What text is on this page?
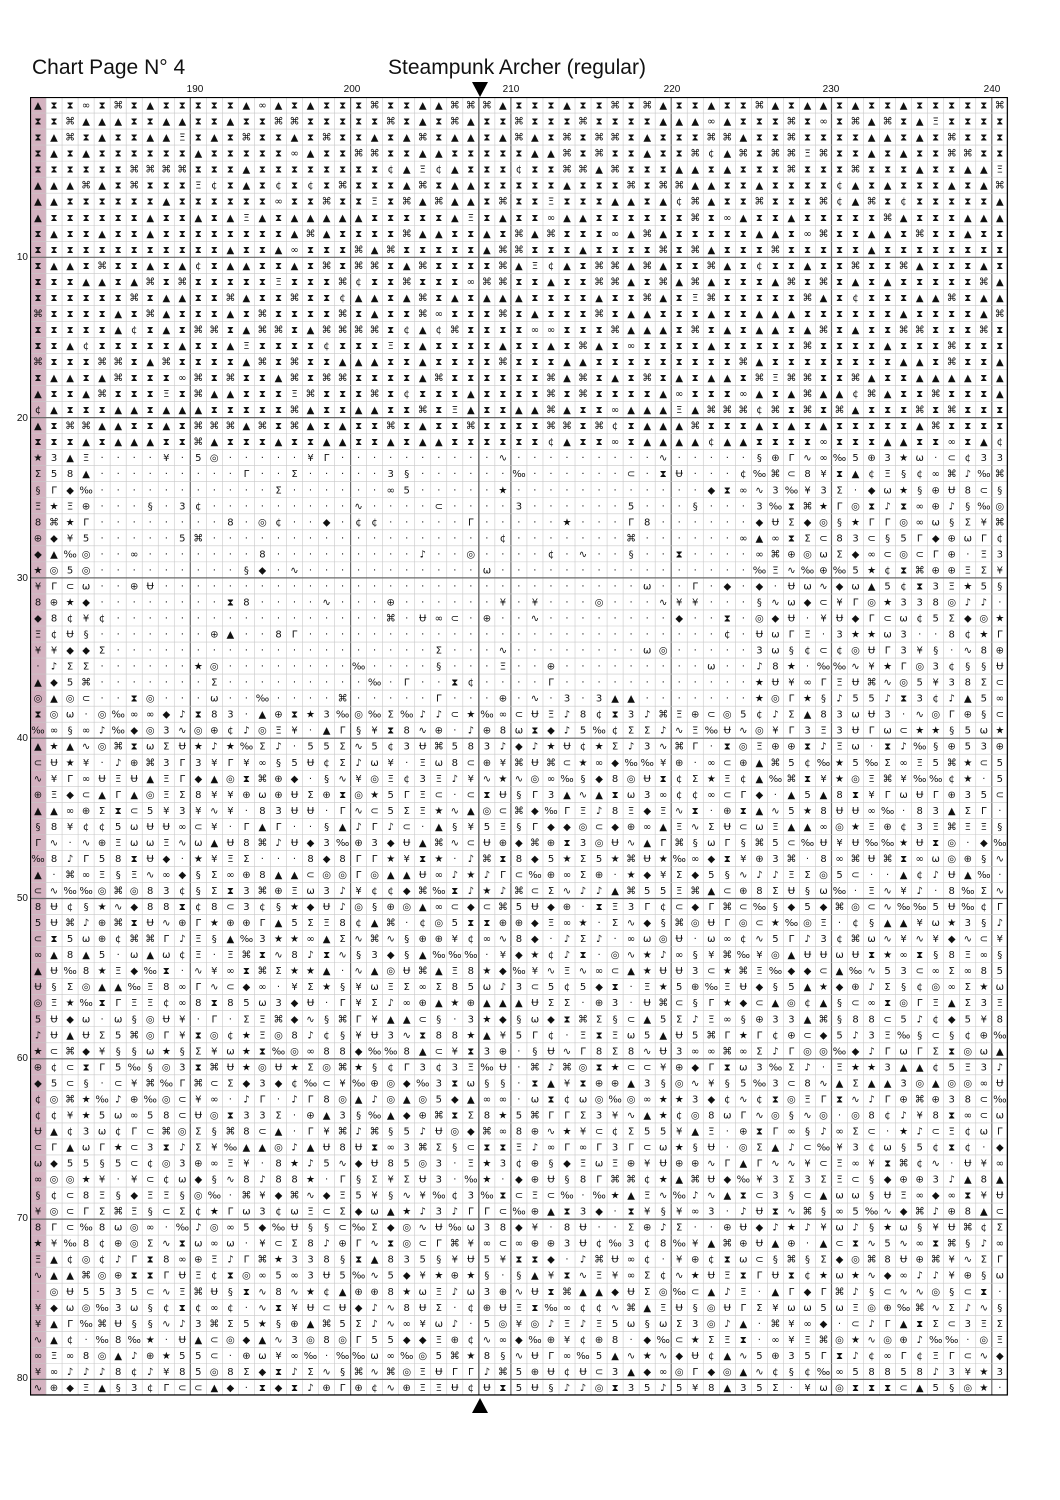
Chart Page N° 4	Steampunk Archer (regular)
190	200	210	220	230	240
10
20
30
40
50
60
70
80
▲ ⧗ ⧗ ∞ ⧗ ⌘ ⧗ ▲ ⧗ ⧗ ⧗ ⧗ ⧗ ▲ ∞ ▲ ⧗ ▲ ⧗ ⧗ ⧗ ⌘ ⧗ ⧗ ▲ ▲ ⌘ ⌘ ⌘ ▲ ⧗ ⧗ ⧗ ▲ ⧗ ⧗ ⌘ ⧗ ⌘ ▲ ⧗ ⧗ ▲ ⧗ ⧗ ⌘ ▲ ⧗ ▲ ▲ ⧗ ▲ ⧗ ⧗ ▲ ⧗ ⧗ ⧗ ⧗ ⧗ ⌘
⧗ ⧗ ⌘ ▲ ▲ ▲ ⧗ ⧗ ▲ ▲ ⧗ ⧗ ▲ ⧗ ⧗ ⌘ ⌘ ⧗ ⧗ ⧗ ⧗ ⧗ ⌘ ⧗ ▲ ⧗ ⌘ ▲ ⧗ ⧗ ⌘ ⧗ ⧗ ⧗ ⌘ ⧗ ⧗ ⧗ ⧗ ▲ ▲ ▲ ∞ ▲ ⧗ ⧗ ⧗ ⌘ ⧗ ∞ ⧗ ⌘ ▲ ⌘ ⧗ ▲ Ξ ⧗ ⧗ ⧗ ⧗
⧗ ▲ ⌘ ⧗ ▲ ⧗ ⧗ ▲ ▲ Ξ ⧗ ▲ ⧗ ⌘ ⧗ ⧗ ▲ ⧗ ⌘ ⧗ ⧗ ▲ ⧗ ▲ ⌘ ⧗ ▲ ▲ ⧗ ▲ ⌘ ▲ ⧗ ⌘ ⧗ ⌘ ⌘ ⧗ ▲ ⧗ ⧗ ⧗ ⌘ ⌘ ▲ ⧗ ⧗ ⌘ ⧗ ⧗ ⧗ ⧗ ▲ ▲ ⧗ ▲ ⧗ ⌘ ⧗ ⧗ ⧗
⧗ ▲ ⧗ ▲ ⧗ ⧗ ⧗ ⧗ ⧗ ⧗ ▲ ⧗ ⧗ ⧗ ⧗ ⧗ ∞ ▲ ⧗ ⧗ ⌘ ⌘ ⧗ ⧗ ▲ ▲ ⧗ ⧗ ⧗ ⧗ ⧗ ▲ ▲ ⌘ ⧗ ⌘ ⧗ ⧗ ▲ ⧗ ⧗ ⌘ ¢ ▲ ⌘ ⧗ ⌘ ⌘ Ξ ⌘ ⧗ ⧗ ▲ ⧗ ▲ ⧗ ⧗ ⌘ ⌘ ⧗ ⧗
⧗ ⧗ ⧗ ⧗ ⧗ ⧗ ⌘ ⌘ ⌘ ⌘ ⧗ ⧗ ⧗ ▲ ⧗ ⧗ ⧗ ⧗ ⧗ ⧗ ⧗ ⧗ ¢ ▲ Ξ ¢ ▲ ⧗ ⧗ ⧗ ¢ ⧗ ⧗ ⌘ ⌘ ▲ ⌘ ⧗ ⧗ ⧗ ▲ ▲ ⧗ ▲ ⧗ ⧗ ⧗ ⌘ ⧗ ⧗ ⧗ ⌘ ⧗ ⧗ ⧗ ▲ ⧗ ⧗ ▲ ▲ Ξ
▲ ▲ ▲ ⌘ ▲ ⧗ ⌘ ⧗ ⧗ ⧗ Ξ ¢ ⧗ ▲ ⧗ ¢ ⧗ ¢ ⧗ ⌘ ⧗ ⧗ ⧗ ▲ ⌘ ⧗ ▲ ▲ ⧗ ⧗ ⧗ ⧗ ⧗ ▲ ⧗ ⧗ ⧗ ⌘ ⧗ ⌘ ⌘ ▲ ▲ ⧗ ⧗ ▲ ⧗ ⧗ ⧗ ⧗ ¢ ▲ ⧗ ▲ ⧗ ⧗ ⧗ ▲ ⧗ ▲ ⌘
▲ ▲ ⧗ ⧗ ⧗ ⧗ ⧗ ⧗ ▲ ⧗ ⧗ ⧗ ⧗ ⧗ ⧗ ∞ ⧗ ⧗ ⌘ ⧗ ⧗ Ξ ⧗ ⌘ ▲ ⌘ ▲ ▲ ⧗ ⌘ ⧗ ⧗ Ξ ⧗ ⧗ ⧗ ▲ ▲ ⧗ ▲ ¢ ⌘ ▲ ⧗ ⧗ ⌘ ⧗ ⧗ ⧗ ⌘ ¢ ▲ ⌘ ⧗ ¢ ⧗ ⧗ ⧗ ⧗ ⧗ ▲
▲ ⧗ ⧗ ⧗ ⧗ ⧗ ⧗ ▲ ⧗ ⧗ ▲ ⧗ ▲ Ξ ▲ ⧗ ▲ ▲ ▲ ▲ ▲ ⧗ ⧗ ⧗ ⧗ ⧗ ▲ Ξ ⧗ ▲ ⧗ ⧗ ∞ ▲ ▲ ⧗ ⧗ ⧗ ⧗ ⧗ ⧗ ⌘ ⧗ ∞ ▲ ⧗ ⧗ ▲ ⧗ ⧗ ⧗ ⧗ ⧗ ⌘ ▲ ⧗ ⧗ ⧗ ▲ ▲ ▲
⧗ ▲ ⧗ ⧗ ▲ ⧗ ⧗ ▲ ⧗ ⧗ ⧗ ⧗ ⧗ ⧗ ⧗ ⧗ ▲ ⌘ ▲ ⧗ ⧗ ⧗ ⧗ ⌘ ▲ ▲ ⧗ ⧗ ▲ ⧗ ⌘ ▲ ⌘ ⧗ ⧗ ⧗ ∞ ▲ ⌘ ▲ ⧗ ⧗ ⧗ ⧗ ⧗ ▲ ▲ ⧗ ∞ ⌘ ⧗ ⧗ ▲ ▲ ⧗ ⌘ ⧗ ⧗ ▲ ⧗ ⧗
⧗ ⧗ ⧗ ⧗ ⧗ ⧗ ⧗ ⧗ ⧗ ⧗ ⧗ ⧗ ▲ ⧗ ⧗ ▲ ∞ ⧗ ⧗ ⧗ ⌘ ▲ ⌘ ⧗ ⧗ ⧗ ⧗ ⧗ ▲ ⌘ ⌘ ⧗ ⧗ ⧗ ▲ ⧗ ⧗ ⧗ ⧗ ⌘ ⧗ ⌘ ▲ ⧗ ⧗ ⧗ ⌘ ⧗ ⧗ ⧗ ⧗ ⧗ ▲ ⧗ ⧗ ⧗ ⧗ ⧗ ⧗ ⧗ ⧗
⧗ ▲ ▲ ⧗ ⌘ ⧗ ⧗ ▲ ⧗ ▲ ¢ ⧗ ▲ ▲ ⧗ ⧗ ▲ ⧗ ⌘ ⧗ ⌘ ⌘ ⧗ ▲ ⌘ ⧗ ⧗ ⧗ ⧗ ⌘ ▲ Ξ ¢ ▲ ⧗ ⌘ ⌘ ▲ ⌘ ▲ ⧗ ⧗ ⌘ ▲ ⧗ ¢ ⧗ ⧗ ▲ ⧗ ⧗ ⌘ ⧗ ⧗ ⌘ ▲ ⧗ ⧗ ⧗ ▲ ⧗
⧗ ⧗ ⧗ ▲ ▲ ⧗ ▲ ⌘ ⧗ ⌘ ⧗ ⧗ ⧗ ⧗ ⧗ Ξ ⧗ ⧗ ⧗ ⌘ ¢ ⧗ ⧗ ⌘ ⧗ ⧗ ⧗ ∞ ⌘ ⌘ ⧗ ⧗ ▲ ⧗ ⧗ ⌘ ⌘ ▲ ⧗ ⌘ ▲ ⌘ ▲ ⧗ ⧗ ⧗ ▲ ⌘ ⧗ ⌘ ⧗ ▲ ⧗ ▲ ⧗ ⧗ ⧗ ⧗ ⧗ ⌘ ▲
⧗ ⧗ ⧗ ⧗ ⧗ ⧗ ⌘ ⧗ ▲ ▲ ⧗ ⧗ ⌘ ▲ ⧗ ⧗ ⌘ ⧗ ⧗ ¢ ▲ ▲ ⧗ ▲ ⌘ ⧗ ▲ ⧗ ▲ ▲ ▲ ⧗ ⧗ ⧗ ⧗ ▲ ⧗ ⧗ ⌘ ▲ ⧗ Ξ ⌘ ⧗ ⧗ ⧗ ⧗ ⧗ ⌘ ▲ ⧗ ¢ ⧗ ⧗ ⧗ ▲ ▲ ⌘ ⧗ ▲ ▲
⌘ ⧗ ⧗ ⧗ ⧗ ▲ ⧗ ⌘ ▲ ⧗ ⧗ ⧗ ▲ ⧗ ⌘ ⧗ ⧗ ⧗ ⧗ ⌘ ⧗ ▲ ⧗ ⧗ ⌘ ∞ ⧗ ⧗ ⧗ ⌘ ⧗ ▲ ⧗ ⧗ ⧗ ⌘ ⧗ ▲ ▲ ⧗ ⧗ ⧗ ▲ ⧗ ⧗ ▲ ▲ ▲ ⧗ ⧗ ⧗ ⧗ ⧗ ⧗ ▲ ⧗ ⧗ ⧗ ⧗ ▲ ⌘
⧗ ⧗ ⧗ ⧗ ⧗ ▲ ¢ ⧗ ▲ ⧗ ⌘ ⌘ ⧗ ▲ ⌘ ⌘ ⧗ ▲ ⌘ ⌘ ⌘ ⌘ ⧗ ¢ ▲ ¢ ⌘ ⧗ ⧗ ⧗ ⧗ ∞ ∞ ⧗ ⧗ ⧗ ⌘ ▲ ▲ ▲ ⧗ ⌘ ⧗ ▲ ⧗ ▲ ▲ ⧗ ▲ ⌘ ⧗ ▲ ⧗ ⧗ ⌘ ⌘ ⧗ ⧗ ⧗ ⌘ ⧗
⧗ ⧗ ▲ ¢ ⧗ ⧗ ⧗ ⧗ ⧗ ▲ ⧗ ⧗ ▲ Ξ ⧗ ⧗ ⧗ ⧗ ¢ ⧗ ⧗ ⧗ Ξ ⧗ ▲ ⧗ ⧗ ⧗ ⧗ ▲ ⧗ ⧗ ▲ ⧗ ⌘ ▲ ⧗ ∞ ⧗ ⧗ ⧗ ⧗ ▲ ⧗ ⧗ ⧗ ⧗ ⧗ ⌘ ⧗ ⧗ ⧗ ⧗ ▲ ⧗ ⧗ ⧗ ⌘ ⧗ ⧗ ⧗
⌘ ⧗ ⧗ ⧗ ⌘ ⌘ ⧗ ▲ ⌘ ⧗ ⧗ ⧗ ⧗ ▲ ⌘ ⧗ ⌘ ⧗ ⧗ ▲ ▲ ▲ ⧗ ⧗ ▲ ⧗ ⧗ ⧗ ⧗ ⌘ ⧗ ⧗ ⧗ ▲ ▲ ⧗ ⧗ ⧗ ⧗ ⧗ ⧗ ⧗ ⧗ ⧗ ⌘ ▲ ⧗ ⧗ ⧗ ⧗ ⧗ ⧗ ⧗ ⧗ ▲ ▲ ⧗ ⌘ ⧗ ⧗ ▲
⧗ ▲ ▲ ⧗ ▲ ⌘ ⧗ ⧗ ⧗ ∞ ⌘ ⧗ ⌘ ⧗ ⧗ ▲ ⌘ ⧗ ⌘ ⌘ ⧗ ⧗ ⧗ ⧗ ▲ ⌘ ⧗ ⧗ ⧗ ⧗ ⧗ ⧗ ⌘ ▲ ⌘ ⧗ ▲ ⧗ ⌘ ⧗ ▲ ⧗ ▲ ▲ ⧗ ⌘ Ξ ⌘ ⌘ ⧗ ⧗ ⌘ ▲ ⧗ ⧗ ▲ ▲ ▲ ▲ ⧗ ▲
▲ ⧗ ⧗ ▲ ⌘ ⧗ ⧗ ⧗ Ξ ⧗ ⌘ ▲ ▲ ⧗ ⧗ ⧗ Ξ ⌘ ⧗ ⧗ ⧗ ⌘ ⧗ ¢ ⧗ ⧗ ⧗ ▲ ⧗ ⧗ ⧗ ⧗ ⌘ ⧗ ⌘ ⧗ ⧗ ⧗ ⧗ ▲ ∞ ⧗ ⧗ ⧗ ∞ ▲ ⧗ ▲ ⌘ ▲ ▲ ¢ ⌘ ▲ ⧗ ⧗ ⌘ ⧗ ⧗ ⧗ ▲
¢ ▲ ⧗ ⧗ ⧗ ▲ ▲ ⧗ ▲ ▲ ▲ ⧗ ⧗ ⧗ ⧗ ⧗ ⌘ ▲ ⧗ ⧗ ▲ ▲ ⧗ ⧗ ⌘ ⧗ Ξ ▲ ⧗ ⧗ ▲ ▲ ⌘ ▲ ⧗ ⧗ ∞ ▲ ▲ ▲ Ξ ▲ ⌘ ⌘ ⌘ ¢ ⌘ ⧗ ⌘ ⧗ ⌘ ▲ ⧗ ⧗ ⧗ ⌘ ⧗ ⌘ ⧗ ⧗ ⧗
▲ ⧗ ⌘ ⌘ ▲ ▲ ⧗ ⧗ ▲ ⧗ ⌘ ⌘ ⌘ ▲ ⌘ ⧗ ⌘ ▲ ⧗ ▲ ⧗ ⧗ ⌘ ⧗ ▲ ⧗ ⧗ ⌘ ⧗ ⧗ ⧗ ⧗ ⌘ ⌘ ⧗ ⌘ ¢ ⧗ ▲ ▲ ▲ ⌘ ⧗ ⧗ ⧗ ▲ ⧗ ▲ ⧗ ▲ ⧗ ⧗ ⧗ ⧗ ⧗ ▲ ⌘ ⧗ ⧗ ⧗ ⧗
⧗ ⧗ ⧗ ▲ ⧗ ▲ ▲ ▲ ⧗ ⧗ ⌘ ▲ ⧗ ⧗ ⧗ ▲ ⧗ ⧗ ▲ ▲ ⧗ ⧗ ▲ ⧗ ▲ ▲ ⧗ ⧗ ⧗ ⧗ ⧗ ⧗ ¢ ▲ ⧗ ⧗ ∞ ⧗ ▲ ▲ ▲ ▲ ¢ ▲ ▲ ⧗ ⧗ ⧗ ⧗ ∞ ⧗ ⧗ ⧗ ▲ ▲ ⧗ ⧗ ∞ ⧗ ▲ ¢
★ 3 ▲ Ξ · · · · ¥ · 5 ◎ · · · · · ¥ Γ · · · · · · · · · · ∿ · · · · · · · · · ∿ · · · · · § ⊕ Γ ∿ ∞ ‰ 5 ⊕ 3 ★ ω · ⊂ ¢ 3 3
Σ 5 8 ▲ · · · · · · · · · Γ · · Σ · · · · · 3 § · · · · · · ‰ · · · · · · ⊂ · ⧗ Ʉ · · · ¢ ‰ ⌘ ⊂ 8 ¥ ⧗ ▲ ¢ Ξ § ¢ ∞ ⌘ ♪ ‰ ⌘
§ Γ ◆ ‰ · · · · · · · · · · · Σ · · · · · · ∞ 5 · · · · · ★ · · · · · · · · · · · · ◆ ⧗ ∞ ∿ 3 ‰ ¥ 3 Σ · ◆ ω ★ § ⊕ Ʉ 8 ⊂ §
Ξ ★ Ξ ⊕ · · · § · 3 ¢ · · · · · · · · · ∿ · · · · ⊂ · · · · 3 · · · · · · 5 · · · § · · · 3 ‰ ⧗ ⌘ ★ Γ ◎ ⧗ ♪ ⧗ ∞ ⊕ ♪ § ‰ ◎
8 ⌘ ★ Γ · · · · · · · · 8 · ◎ ¢ · · ◆ · ¢ ¢ · · · · · Γ · · · · · ★ · · · Γ 8 · · · · · · ◆ Ʉ Σ ◆ ◎ § ★ Γ Γ ◎ ∞ ω § Σ ¥ ⌘
⊕ ◆ ¥ 5 · · · · · 5 ⌘ · · · · · · · · · · · · · · · · · · ¢ · · · · · · · ⌘ · · · · · · ∞ ▲ ∞ ⧗ Σ ⊂ 8 3 ⊂ § 5 Γ ◆ ⊕ ω Γ ¢
◆ ▲ ‰ ◎ · · ∞ · · · · · · · 8 · · · · · · · · · ♪ · · ◎ · · · · ¢ · ∿ · · § · · ⧗ · · · · ∞ ⌘ ⊕ ◎ ω Σ ◆ ∞ ⊂ ◎ ⊂ Γ ⊕ · Ξ 3
★ ◎ 5 ◎ · · · · · · · · · § ◆ · ∿ · · · · · · · · · · · ω · · · · · · · · · · · · · · · · ‰ Ξ ∿ ‰ ⊕ ‰ 5 ★ ¢ ⧗ ⌘ ⊕ ⊕ Ξ Σ ¥
¥ Γ ⊂ ω · · ⊕ Ʉ · · · · · · · · · · · · · · · · · · · · · · · · · · · · · · ω · · Γ · ◆ · ◆ · Ʉ ω ∿ ◆ ω ▲ 5 ¢ ⧗ 3 Ξ ★ 5 §
8 ⊕ ★ ◆ · · · · · · · · ⧗ 8 · · · · ∿ · · · ⊕ · · · · · · ¥ · ¥ · · · ◎ · · · ∿ ¥ ¥ · · · § ∿ ω ◆ ⊂ ¥ Γ ◎ ★ 3 3 8 ◎ ♪ ♪ ·
◆ 8 ¢ ¥ ¢ · · · · · · · · · · · · · · · · · ⌘ · Ʉ ∞ ⊂ · ⊕ · · ∿ · · · · · · · · ◆ · · ⧗ · ◎ ◆ Ʉ · ¥ Ʉ ◆ Γ ⊂ ω ¢ 5 Σ ◆ ◎ ★
Ξ ¢ Ʉ § · · · · · · · ⊕ ▲ · · 8 Γ · · · · · · · · · · · · · · · · · · · · · · · · · · ¢ · Ʉ ω Γ Ξ · 3 ★ ★ ω 3 · · 8 ¢ ★ Γ
¥ ¥ ◆ ◆ Σ · · · · · · · · · · · · · · · · · · · · Σ · · · ∿ · · · · · · · · ω ◎ · · · · · 3 ω § ¢ ⊂ ¢ ◎ Ʉ Γ 3 ¥ § · ∿ 8 ⊕
· ♪ Σ Σ · · · · · · ★ ◎ · · · · · · · · ‰ · · · · § · · · Ξ · · ⊕ · · · · · · · · · ω · · ♪ 8 ★ · ‰ ‰ ∿ ¥ ★ Γ ◎ 3 ¢ § § Ʉ
▲ ◆ 5 ⌘ · · · · · · · Σ · · · · · · · · · ‰ · Γ · · ⧗ ¢ · · · · Γ · · · · · · · · · · · · ★ Ʉ ¥ ∞ Γ Ξ Ʉ ⌘ ∿ ◎ 5 ¥ 3 8 Σ ⊂
◎ ▲ ◎ ⊂ · · ⧗ ◎ · · · ω · · ‰ · · · · ⌘ · · · · · Γ · · · ⊕ · ∿ · 3 · 3 ▲ ▲ · · · · · · · ★ ◎ Γ ★ § ♪ 5 5 ♪ ⧗ 3 ¢ ♪ ▲ 5 ∞
⧗ ◎ ω · ◎ ‰ ∞ ∞ ◆ ♪ ⧗ 8 3 · ▲ ⊕ ⧗ ★ 3 ‰ ◎ ‰ Σ ‰ ♪ ♪ ⊂ ★ ‰ ∞ ⊂ Ʉ Ξ ♪ 8 ¢ ⧗ 3 ♪ ⌘ Ξ ⊕ ⊂ ◎ 5 ¢ ♪ Σ ▲ 8 3 ω Ʉ 3 · ∿ ◎ Γ ⊕ § ⊂
‰ ∞ § ∞ ♪ ‰ ◆ ◎ 3 ∿ ◎ ⊕ ¢ ♪ ◎ Ξ ¥ · ▲ Γ § ¥ ⧗ 8 ∿ ⊕ · ♪ ⊕ 8 ω ⧗ ◆ ♪ 5 ‰ ¢ Σ Σ ♪ ∿ Ξ ‰ Ʉ ∿ ◎ ¥ Γ 3 Ξ 3 Ʉ Γ ω ⊂ ★ ★ § 5 ω ★
▲ ★ ▲ ∿ ◎ ⌘ ⧗ ω Σ Ʉ ★ ♪ ★ ‰ Σ ♪ · 5 5 Σ ∿ 5 ¢ 3 Ʉ ⌘ 5 8 3 ♪ ◆ ♪ ★ Ʉ ¢ ★ Σ ♪ 3 ∿ ⌘ Γ · ⧗ ◎ Ξ ⊕ ⊕ ⧗ ♪ Ξ ω · ⧗ ♪ ‰ § ⊕ 5 3 ⊕
⊂ Ʉ ★ ¥ · ♪ ⊕ ⌘ 3 Γ 3 ¥ Γ ¥ ∞ § 5 Ʉ ¢ Σ ♪ ω ¥ · Ξ ω 8 ⊂ ⊕ ¥ ⌘ Ʉ ⌘ ⊂ ★ ∞ ◆ ‰ ‰ ¥ ⊕ · ∞ ⊂ ⊕ ▲ ⌘ 5 ¢ ‰ ★ 5 ‰ Σ ∞ Ξ 5 ⌘ ★ ⊂ 5
∿ ¥ Γ ∞ Ʉ Ξ Ʉ ▲ Ξ Γ ◆ ▲ ◎ ⧗ ⌘ ⊕ ◆ · § ∿ ¥ ◎ Ξ ¢ 3 Ξ ♪ ¥ ∿ ★ ∿ ◎ ∞ ‰ § ◆ 8 ◎ Ʉ ⧗ ¢ Σ ★ Ξ ¢ ▲ ‰ ⌘ ⧗ ¥ ★ ◎ Ξ ⌘ ¥ ‰ ‰ ¢ ★ · 5
⊕ Ξ ◆ ⊂ ▲ Γ ▲ ◎ Ξ Σ 8 ¥ ¥ ⊕ ω ⊕ Ʉ Σ ⊕ ⧗ ◎ ★ 5 Γ Ξ ⊂ · ⊂ ⧗ Ʉ § Γ 3 ▲ ∿ ▲ ⧗ ω 3 ∞ ¢ ¢ ∞ ⊂ Γ ◆ · ▲ 5 ▲ 8 ⧗ ¥ Γ ω Ʉ Γ ⊕ 3 5 ⊂
▲ ▲ ∞ ⊕ Σ ⧗ ⊂ 5 ¥ 3 ¥ ∿ ¥ · 8 3 Ʉ Ʉ · Γ ∿ ⊂ 5 Σ Ξ ★ ∿ ▲ ◎ ⊂ ⌘ ◆ ‰ Γ Ξ ♪ 8 Ξ ◆ Ξ ∿ ⧗ · ⊕ ⧗ ▲ ∿ 5 ★ 8 Ʉ Ʉ ∞ ‰ · 8 3 ▲ Σ Γ ·
§ 8 ¥ ¢ ¢ 5 ω Ʉ Ʉ ∞ ⊂ ¥ · Γ ▲ Γ · · § ▲ ♪ Γ ♪ ⊂ · ▲ § ¥ 5 Ξ § Γ ◆ ◆ ◎ ⊂ ◆ ⊕ ∞ ▲ Ξ ∿ Σ Ʉ ⊂ ω Ξ ▲ ▲ ∞ ◎ ★ Ξ ⊕ ¢ 3 Ξ ⌘ Ξ Ξ §
Γ ∿ · ∿ ⊕ Ξ ω ω Ξ ∿ ω ▲ Ʉ 8 ⌘ ♪ Ʉ ◆ 3 ‰ ⊕ 3 ◆ Ʉ ▲ ⌘ ∿ ⊂ Ʉ ⊕ ◆ ⌘ ⊕ ⧗ 3 ◎ Ʉ ∿ ▲ Γ ⌘ § ω Γ § ⌘ 5 ⊂ ‰ Ʉ ¥ Ʉ ‰ ‰ ★ Ʉ ⧗ ◎ · ◆ ‰
‰ 8 ♪ Γ 5 8 ⧗ Ʉ ◆ · ★ ¥ Ξ Σ · · · 8 ◆ 8 Γ Γ ★ ¥ ⧗ ★ · ♪ ⌘ ⧗ 8 ◆ 5 ★ Σ 5 ★ ⌘ Ʉ ★ ‰ ∞ ◆ ⧗ ¥ ⊕ 3 ⌘ · 8 ∞ ⌘ Ʉ ⌘ ⧗ ∞ ω ◎ ⊕ § ∿
▲ · ⌘ ∞ Ξ § Ξ ∿ ∞ ◆ § Σ ∞ ⊕ 8 ▲ ▲ ⊂ ◎ ◎ Γ ◎ ▲ ▲ Ʉ ∞ ♪ ★ ♪ Γ ⊂ ‰ ⊕ ∞ Σ ⊕ · ★ ◆ ¥ Σ ◆ 5 § ∿ ♪ ♪ Ξ Σ ◎ 5 ⊂ · · ▲ ¢ ♪ Ʉ ▲ ‰ ·
⊂ ∿ ‰ ‰ ◎ ⌘ ◎ 8 3 ¢ § Σ ⧗ 3 ⌘ ⊕ Ξ ω 3 ♪ ¥ ¢ ¢ ◆ ⌘ ‰ ⧗ ♪ ★ ♪ ⌘ ⊂ Σ ∿ ♪ ♪ ▲ ⌘ 5 5 Ξ ⌘ ▲ ⊂ ⊕ 8 Σ Ʉ § ω ‰ · Ξ ∿ ¥ ♪ · 8 ‰ Σ ∿
8 Ʉ ¢ § ★ ∿ ◆ 8 8 ⧗ ¢ 8 ⊂ 3 ¢ § ★ ◆ Ʉ ♪ ◎ § ⊕ ◎ ▲ ∞ ⊂ ◆ ⊂ ⌘ 5 Ʉ ◆ ⊕ · ⧗ Ξ 3 Γ ¢ ⊂ ◆ Γ ⌘ ⊂ ‰ § ◆ 5 ◆ ⌘ ◎ ⊂ ∿ ‰ ‰ 5 Ʉ ‰ ¢ Γ
5 Ʉ ⌘ ♪ ⊕ ⌘ ⧗ Ʉ ∿ ⊕ Γ ★ ⊕ ⊕ Γ ▲ 5 Σ Ξ 8 ¢ ▲ ⌘ · ¢ ◎ 5 ⧗ ⧗ ⊕ ⊕ ◆ Ξ ∞ ★ · Σ ∿ ◆ § ⌘ ◎ Ʉ Γ ◎ ⊂ ★ ‰ ◎ Ξ · ¢ § ▲ ▲ ¥ ω ★ 3 § ♪
⊂ ⧗ 5 ω ⊕ ¢ ⌘ ⌘ Γ ♪ Ξ § ▲ ‰ 3 ★ ★ ∞ ▲ Σ ∿ ⌘ ∿ § ⊕ ⊕ ¥ ¢ ∞ ∿ 8 ◆ · ♪ Σ ♪ · ∞ ω ◎ Ʉ · ω ∞ ¢ ∿ 5 Γ ♪ 3 ¢ ⌘ ω ∿ ¥ ∿ ¥ ◆ ∿ ⊂ ¥
∞ ▲ 8 ▲ 5 · ω ▲ ω ¢ Ξ · Ξ ⌘ ⧗ ∿ 8 ♪ ⧗ ∿ § 3 ◆ § ▲ ‰ ‰ ‰ · ¥ ◆ ★ ¢ ♪ ⧗ · ◎ ∿ ★ ♪ ∞ § ¥ ⌘ ‰ ¥ ◎ ▲ Ʉ Ʉ ω Ʉ ⧗ ★ ∞ ⧗ § 8 Ξ ∞ §
▲ Ʉ ‰ 8 ★ Ξ ◆ ‰ ⧗ · ∿ ¥ ∞ ⧗ ⌘ Σ ★ ★ ▲ · ∿ ▲ ◎ Ʉ ⌘ ▲ Ξ 8 ★ ◆ ‰ ¥ ∿ Ξ ∿ ∞ ⊂ ▲ ★ Ʉ Ʉ 3 ⊂ ★ ⌘ Ξ ‰ ◆ ◆ ⊂ ▲ ‰ ∿ 5 3 ⊂ ∞ Σ ∞ 8 5
Ʉ § Σ ◎ ▲ ▲ ‰ Ξ 8 ∞ Γ ∿ ⊂ ◆ ∞ · ¥ Σ ★ § ¥ ω Ξ Σ ∞ Σ 8 5 ω ♪ 3 ⊂ 5 ¢ 5 ◆ ⧗ · Ξ ★ 5 ⊕ ‰ Ξ Ʉ ◆ § 5 ▲ ★ ◆ ⊕ ♪ Σ § ¢ ◎ ∞ Σ ★ ω
◎ Ξ ★ ‰ ⧗ Γ Ξ Ξ ¢ ∞ 8 ⧗ 8 5 ω 3 ◆ Ʉ · Γ ¥ Σ ♪ ∞ ⊕ ▲ ★ ⊕ ▲ ▲ ▲ Ʉ Σ Σ · ⊕ 3 · Ʉ ⌘ ⊂ § Γ ★ ◆ ⊂ ▲ ◎ ¢ ▲ § ⊂ ∞ ⧗ ◎ Γ Ξ ▲ Σ 3 Ξ
5 Ʉ ◆ ω · ω § ◎ Ʉ ¥ · Γ · Σ Ξ ⌘ ◆ ∿ § ⌘ Γ ¥ ▲ ▲ ⊂ § · 3 ★ ◆ § ω ◆ ⧗ ⌘ Σ § ⊂ ▲ 5 Σ ♪ Ξ ∞ § ⊕ 3 3 ▲ ⌘ § 8 8 ⊂ 5 ♪ ¢ ◆ 5 ¥ 8
♪ Ʉ ▲ Ʉ Σ 5 ⌘ ◎ Γ ¥ ⧗ ◎ ¢ ★ Ξ ◎ 8 ♪ ¢ § ¥ Ʉ 3 ∿ ⧗ 8 8 ★ ▲ ¥ 5 Γ ¢ · Ξ ⧗ Ξ ω 5 ▲ Ʉ 5 ⌘ Γ ★ Γ ¢ ⊕ ⊂ ◆ 5 ♪ 3 Ξ ‰ § ⊂ § ¢ ⊕ ‰
★ ⊂ ⌘ ◆ ¥ § § ω ★ § Σ ¥ ω ★ ⧗ ‰ ◎ ∞ 8 8 ◆ ‰ ‰ 8 ▲ ⊂ ¥ ⧗ 3 ⊕ · § Ʉ ∿ Γ 8 Σ 8 ∿ Ʉ 3 ∞ ∞ ⌘ ∞ Σ ♪ Γ ◎ ◎ ‰ ◆ ♪ Γ ω Γ Σ ⧗ ◎ ω ▲
⊕ ¢ ⊂ ⧗ Γ 5 ‰ § ◎ 3 ⧗ ⌘ Ʉ ★ ◎ Ʉ ★ Σ ◎ ⌘ ★ § ¢ Γ 3 ¢ 3 Ξ ‰ Ʉ · ⌘ ♪ ⌘ ◎ ⧗ ★ ⊂ ⊂ ¥ ⊕ ◆ Γ ⧗ ω 3 ‰ Σ ♪ · Ξ ★ ★ 3 ▲ ▲ ¢ 5 Ξ 3 ♪
◆ 5 ⊂ § · ⊂ ¥ ⌘ ‰ Γ ⌘ ⊂ Σ ◆ 3 ◆ ¢ ‰ ⊂ ¥ ‰ ⊕ ◎ ◆ ‰ 3 ⧗ ω § § · ⧗ ▲ ¥ ⧗ ⊕ ⊕ ▲ 3 § ◎ ∿ ¥ § 5 ‰ 3 ⊂ 8 ∿ ▲ Σ ▲ ▲ 3 ◎ ▲ ◎ ◎ ∞ Ʉ
¢ ◎ ⌘ ★ ‰ ♪ ⊕ ‰ ◎ ⊂ ¥ ∞ · ♪ Γ · ♪ Γ 8 ◎ ▲ ♪ ◎ ▲ ◎ 5 ◆ ▲ ∞ ∞ · ω ⧗ ¢ ω ◎ ‰ ◎ ∞ ★ ★ 3 ◆ ¢ ∿ ¢ ⧗ ◎ Ξ Γ ⧗ ∿ ♪ Γ ⊕ ⌘ ⊕ 3 8 ⊂ ‰
¢ ¢ ¥ ★ 5 ω ∞ 5 8 ⊂ Ʉ ◎ ⧗ 3 3 Σ · ⊕ ▲ 3 § ‰ ▲ ◆ ⊕ ⌘ ⧗ Σ 8 ★ 5 ⌘ Γ Γ Σ 3 ¥ ∿ ▲ ★ ¢ ◎ 8 ω Γ ∿ ◎ § ∿ ◎ · ◎ 8 ¢ ♪ ¥ 8 ⧗ ∞ ⊂ ω
Ʉ ▲ ¢ 3 ω ¢ Γ ⊂ ⌘ ◎ Σ § ⌘ 8 ⊂ ▲ · Γ ¥ ⌘ ♪ ⌘ § 5 ♪ Ʉ ◎ ◆ ⌘ ∞ 8 ⊕ ∿ ★ ¥ ⊂ ¢ Σ 5 5 ¥ ▲ Ξ · ⊕ ⧗ Γ ∞ § ♪ ∞ Σ ⊂ · ★ ♪ ⊂ Ξ ¢ ω Γ
⊂ Γ ▲ ω Γ ★ ⊂ 3 ⧗ ♪ Σ ¥ ‰ ▲ ▲ ◎ ♪ ▲ Ʉ 8 Ʉ ⧗ ∞ 3 ⌘ Σ § ⊂ ⧗ ⧗ Ξ ♪ ∞ Γ ∞ Γ 3 Γ ⊂ ω ★ § Ʉ · ◎ Σ ▲ ♪ ⊂ ‰ ¥ 3 ¢ ω § 5 ¢ ⧗ ¢ · ◆
ω ◆ 5 5 § 5 ⊂ ¢ ◎ 3 ⊕ ∞ Ξ ¥ · 8 ★ ♪ 5 ∿ ◆ Ʉ 8 5 ◎ 3 · Ξ ★ 3 ¢ ⊕ § ◆ Ξ ω Ξ ⊕ ¥ Ʉ ⊕ ⊕ ∿ Γ ▲ Γ ∿ ∿ ¥ ⊂ Ξ ∞ ¥ ⧗ ⌘ ¢ ∿ · Ʉ ¥ ∞
∞ ◎ ◎ ★ ¥ · ¥ ⊂ ¢ ω ◆ § ∿ 8 ♪ 8 8 ★ · Γ § Σ ¥ Σ Ʉ 3 · ‰ ★ · ◆ ⊕ Ʉ § 8 Γ ⌘ ⌘ ¢ ★ ▲ ⌘ Ʉ ◆ ‰ ¥ 3 Σ 3 Σ Ξ ⊂ § ◆ ⊕ ⊕ 3 ♪ ▲ 8 ▲
§ ¢ ⊂ 8 Ξ § ◆ Ξ Ξ § ◎ ‰ · ⌘ ¥ ◆ ⌘ ∿ ◆ Ξ 5 ¥ § ∿ ¥ ‰ ¢ 3 ‰ ⧗ ⊂ Ξ ⊂ ‰ · ‰ ★ ▲ Ξ ∿ ‰ ♪ ∿ ▲ ⧗ ⊂ 3 § ⊂ ▲ ω ω § Ʉ Ξ ∞ ◆ ∞ ⧗ ¥ Ʉ
¥ ◎ ⊂ Γ Σ ⌘ Ξ § ⊂ Σ ¢ ★ Γ ω 3 ¢ ω Ξ ⊂ Σ ◆ ω ▲ ★ ♪ 3 ♪ Γ Γ ⊂ ‰ ⊕ ▲ ⧗ 3 ◆ · ⧗ ¥ § ¥ ∞ 3 · ♪ Ʉ ⧗ ∿ ⌘ § ∞ 5 ‰ ∿ ◆ ⌘ ♪ ⊕ 8 ▲ ⊂
8 Γ ⊂ ‰ 8 ω ◎ ∞ · ‰ ♪ ◎ ∞ 5 ◆ ‰ Ʉ § § ⊂ ‰ Σ ◆ ◎ ∿ Ʉ ‰ ω 3 8 ◆ ¥ · 8 Ʉ · · Σ ⊕ ♪ Σ · · ⊕ Ʉ ◆ ♪ ★ ♪ ¥ ω ♪ § ★ ω § ¥ Ʉ ⌘ ¢ Σ
★ ¥ ‰ 8 ¢ ⊕ ◎ Σ ∿ ⧗ ω ∞ ω · ¥ ⊂ Σ 8 ♪ ⊕ Γ ∿ ⧗ ◎ ⊂ Γ ⌘ ¥ ∞ ⊂ ∞ ⊕ ⊕ 3 Ʉ ¢ ‰ 3 ¢ 8 ‰ ¥ ▲ ⌘ ⊕ Ʉ ▲ ⊕ · ▲ ⊂ ⧗ ∿ 5 ∿ ∞ ⧗ ⌘ § ♪ ∞
Ξ ▲ ¢ ◎ ¢ ♪ Γ ⧗ 8 ∞ ⊕ Ξ ♪ Γ ⌘ ★ 3 3 8 § ⧗ ▲ 8 3 5 § ¥ Ʉ 5 ¥ ⧗ ⧗ ◆ · ♪ ⌘ Ʉ ∞ ¢ · ¥ ⊕ ¢ ⧗ ω ⊂ § ⌘ § Σ ◆ ◎ ⌘ 8 Ʉ ⊕ ⌘ ¥ ∿ Σ Γ
∿ ▲ ▲ ⌘ ◎ ⊕ ⧗ ⧗ Γ Ʉ Ξ ¢ ⧗ ◎ ∞ 5 ∞ 3 Ʉ 5 ‰ ∿ 5 ◆ ¥ ★ ⊕ ★ § · § ▲ ¥ ⧗ ∿ Ξ ¥ ∞ Σ ¢ ∿ ★ Ʉ Ξ ⧗ Γ Ʉ ⧗ ¢ ★ ω ★ ∿ ◆ ∞ ♪ ♪ ¥ ⊕ § ω
· ◎ Ʉ 5 5 3 5 ⊂ ∿ Ξ ⌘ Ʉ § ⧗ ∿ 8 ∿ ★ ¢ ▲ ⊕ ⊕ 8 ★ ω Ξ ♪ ω 3 ⊕ ∿ Ʉ ⧗ ⌘ ▲ ▲ ◆ Ʉ Σ ◎ ‰ ⊂ ▲ ♪ Ξ · ▲ Γ ◆ Γ ⌘ ♪ § ⊂ ∿ ∿ ◎ § ⊂ ⧗ ·
¥ ◆ ω ◎ ‰ 3 ω § ¢ ⧗ ¢ ∞ ¢ · ∿ ⧗ ¥ Ʉ ⊂ Ʉ ◆ ♪ ∿ 8 Ʉ Σ · ¢ ⊕ Ʉ Ξ ⧗ ‰ ∞ ¢ ¢ ∿ ⌘ ▲ Ξ Ʉ § ◎ Ʉ Γ Σ ¥ ω ω 5 ω Ξ ◎ ⊕ ‰ ⌘ ∿ Σ ♪ ∿ §
¥ ▲ Γ ‰ ⌘ Ʉ § § ∿ ♪ 3 ⌘ Σ 5 ★ § ⊕ ▲ ⌘ 5 Σ ♪ ∿ ∞ ¥ ω ♪ · 5 ◎ ¥ ◎ ♪ Ξ ♪ Ξ 5 ω § ω Σ 3 ◎ ♪ ▲ · ⌘ ¥ ∞ ◆ · ⊂ ♪ Γ ▲ ⧗ Σ ⊂ 3 Ξ Σ
∿ ▲ ¢ · ‰ 8 ‰ ★ · Ʉ ▲ ⊂ ◎ ◆ ▲ ∿ 3 ◎ 8 ◎ Γ 5 5 ◆ ◆ Ξ ⊕ ¢ ∿ ∞ ◆ ‰ ⊕ ¥ ¢ ⊕ 8 · ◆ ‰ ⊂ ★ Σ Ξ ⧗ · ∞ ¥ Ξ ⌘ ◎ ★ ∿ ◎ ⊕ ♪ ‰ ‰ · ◎ Ξ
∞ Ξ ∞ 8 ◎ ▲ ♪ ⊕ ★ 5 5 ⊂ · ⊕ ω ¥ ∞ ‰ · ‰ ‰ ω ∞ ‰ ◎ 5 ⌘ ★ 8 § ∿ Ʉ Γ ∞ ‰ 5 ▲ ∿ ★ ∿ ◆ Ʉ ¢ ▲ ∿ 5 ⊕ 3 5 Γ ⧗ ♪ ¢ ∞ Γ ¢ Ξ Γ ⊂ ∿ ◆
¥ ∞ ♪ ♪ ♪ 8 ¢ ♪ ¥ 8 5 ◎ 8 Σ ◆ ⧗ ♪ Σ ∿ § ⌘ ∿ ⌘ ◎ Ξ Ʉ Γ Γ ♪ ⌘ 5 ⊕ Ʉ ¢ Ʉ ⊂ 3 ▲ ◆ ∞ ◎ Γ ◆ ◎ ▲ ∿ ¢ § ¢ ‰ ∞ 5 8 8 5 8 ♪ 3 ¥ ★ 3
∿ ⊕ ◆ Ξ ▲ § 3 ¢ Γ ⊂ ⊂ ▲ ◆ · ⧗ ◆ ⧗ ♪ ⊕ Γ ⊕ ¢ ∿ ⊕ Ξ Ξ Ʉ ¢ Ʉ ⧗ 5 Ʉ § ♪ ♪ ◎ ⧗ 3 5 ♪ 5 ¥ 8 ▲ 3 5 Σ · ¥ ω ◎ ⧗ ⧗ ⧗ ⊂ ▲ 5 § ◎ ★ ·
